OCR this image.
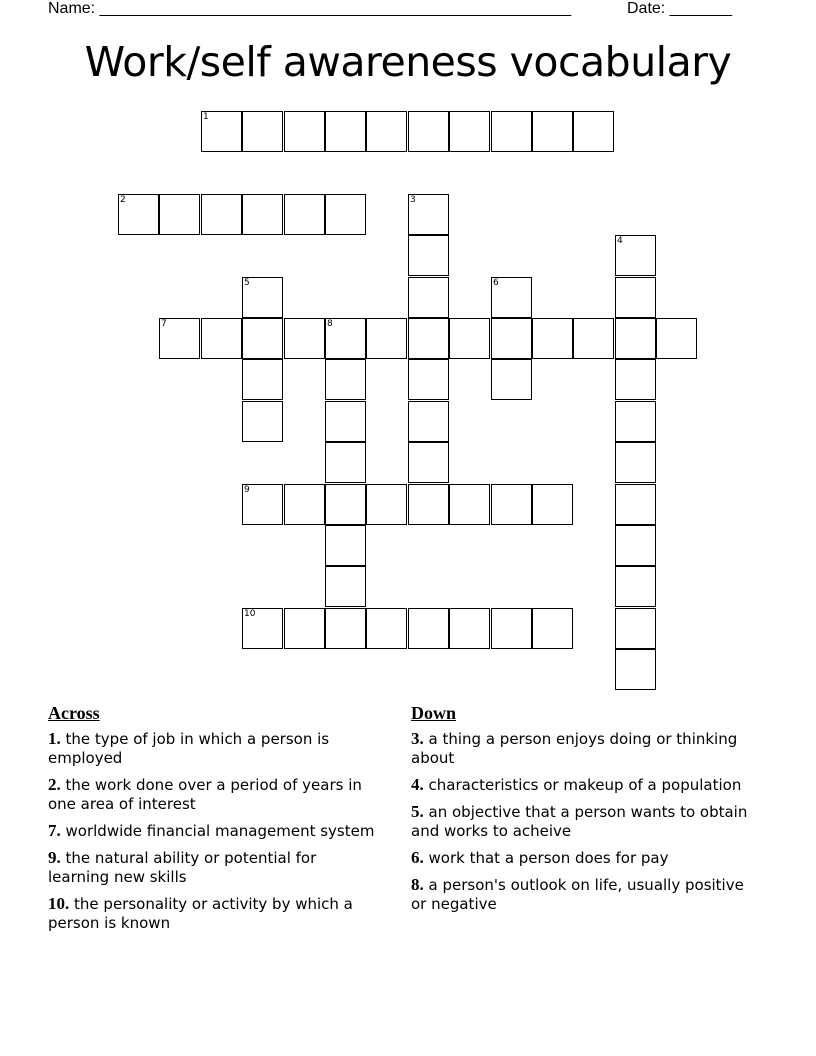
Name: _____________________________________________________	Date: _______
Work/self awareness vocabulary
1
2	3
4
5	6
7	8
9
10
Across
1. the type of job in which a person is employed
2. the work done over a period of years in one area of interest
7. worldwide financial management system
9. the natural ability or potential for learning new skills
10. the personality or activity by which a person is known
Down
3. a thing a person enjoys doing or thinking about
4. characteristics or makeup of a population
5. an objective that a person wants to obtain and works to acheive
6. work that a person does for pay
8. a person's outlook on life, usually positive or negative
